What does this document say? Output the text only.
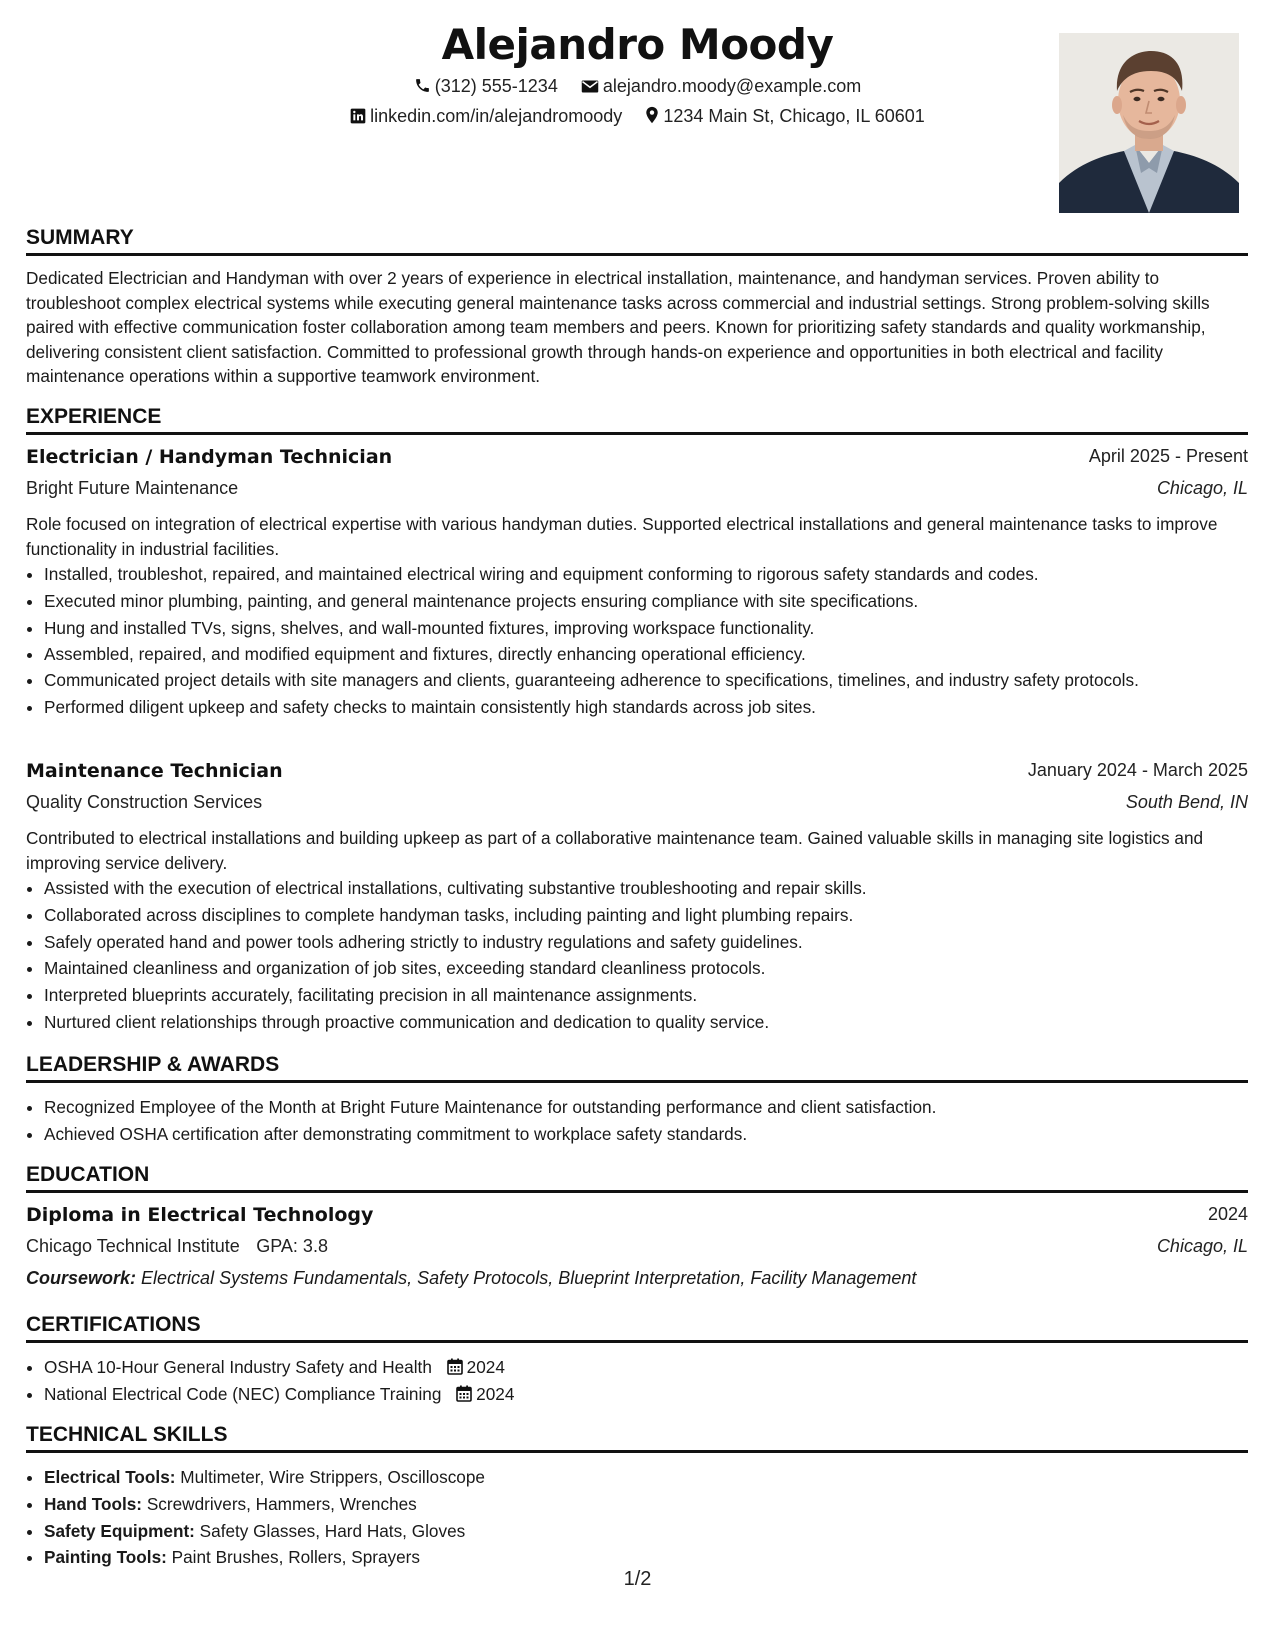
Alejandro Moody
(312) 555-1234	alejandro.moody@example.com
linkedin.com/in/alejandromoody 1234 Main St, Chicago, IL 60601
SUMMARY
Dedicated Electrician and Handyman with over 2 years of experience in electrical installation, maintenance, and handyman services. Proven ability to troubleshoot complex electrical systems while executing general maintenance tasks across commercial and industrial settings. Strong problem-solving skills paired with effective communication foster collaboration among team members and peers. Known for prioritizing safety standards and quality workmanship, delivering consistent client satisfaction. Committed to professional growth through hands-on experience and opportunities in both electrical and facility maintenance operations within a supportive teamwork environment.
EXPERIENCE
Electrician / Handyman Technician	April 2025 - Present
Bright Future Maintenance	Chicago, IL
Role focused on integration of electrical expertise with various handyman duties. Supported electrical installations and general maintenance tasks to improve functionality in industrial facilities.
• Installed, troubleshot, repaired, and maintained electrical wiring and equipment conforming to rigorous safety standards and codes.
• Executed minor plumbing, painting, and general maintenance projects ensuring compliance with site specifications.
• Hung and installed TVs, signs, shelves, and wall-mounted fixtures, improving workspace functionality.
• Assembled, repaired, and modified equipment and fixtures, directly enhancing operational efficiency.
• Communicated project details with site managers and clients, guaranteeing adherence to specifications, timelines, and industry safety protocols.
• Performed diligent upkeep and safety checks to maintain consistently high standards across job sites.
Maintenance Technician	January 2024 - March 2025
Quality Construction Services	South Bend, IN
Contributed to electrical installations and building upkeep as part of a collaborative maintenance team. Gained valuable skills in managing site logistics and improving service delivery.
• Assisted with the execution of electrical installations, cultivating substantive troubleshooting and repair skills.
• Collaborated across disciplines to complete handyman tasks, including painting and light plumbing repairs.
• Safely operated hand and power tools adhering strictly to industry regulations and safety guidelines.
• Maintained cleanliness and organization of job sites, exceeding standard cleanliness protocols.
• Interpreted blueprints accurately, facilitating precision in all maintenance assignments.
• Nurtured client relationships through proactive communication and dedication to quality service.
LEADERSHIP & AWARDS
• Recognized Employee of the Month at Bright Future Maintenance for outstanding performance and client satisfaction.
• Achieved OSHA certification after demonstrating commitment to workplace safety standards.
EDUCATION
Diploma in Electrical Technology	2024
Chicago Technical Institute GPA: 3.8	Chicago, IL
Coursework: Electrical Systems Fundamentals, Safety Protocols, Blueprint Interpretation, Facility Management
CERTIFICATIONS
• OSHA 10-Hour General Industry Safety and Health 2024
• National Electrical Code (NEC) Compliance Training 2024
TECHNICAL SKILLS
• Electrical Tools: Multimeter, Wire Strippers, Oscilloscope
• Hand Tools: Screwdrivers, Hammers, Wrenches
• Safety Equipment: Safety Glasses, Hard Hats, Gloves
• Painting Tools: Paint Brushes, Rollers, Sprayers
1/2
